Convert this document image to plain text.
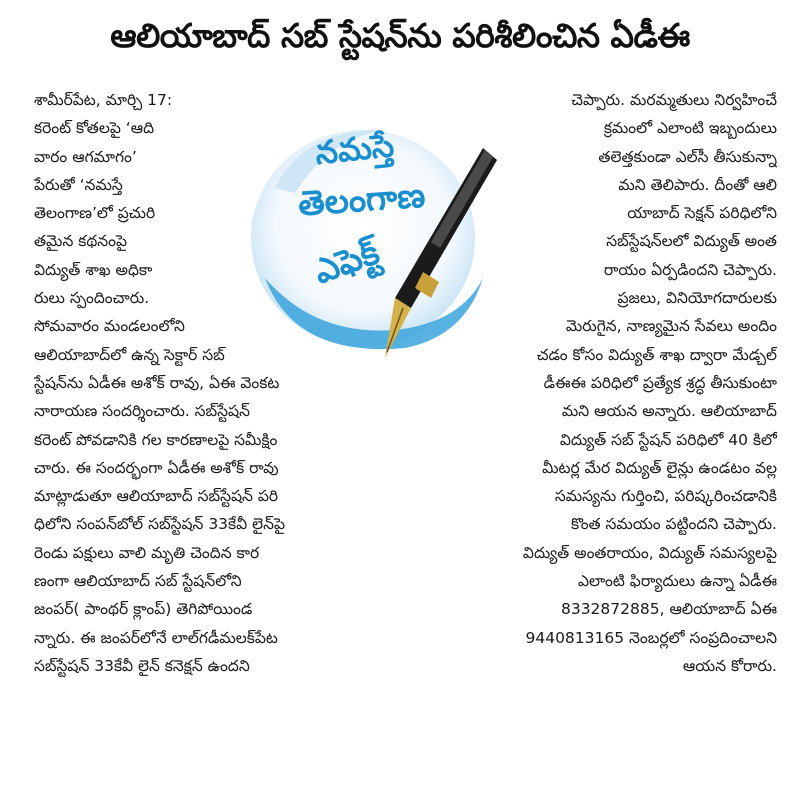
ఆలియాబాద్ సబ్ స్టేషన్‌ను పరిశీలించిన ఏడీఈ
శామీర్‌పేట, మార్చి 17:
కరెంట్ కోతలపై ‘ఆది
వారం ఆగమాగం’
పేరుతో ‘నమస్తే
తెలంగాణ’లో ప్రచురి
తమైన కథనంపై
విద్యుత్ శాఖ అధికా
రులు స్పందించారు.
సోమవారం మండలంలోని
ఆలియాబాద్‌లో ఉన్న సెక్టార్ సబ్
స్టేషన్‌ను ఏడీఈ అశోక్ రావు, ఏఈ వెంకట
నారాయణ సందర్శించారు. సబ్‌స్టేషన్
కరెంట్ పోవడానికి గల కారణాలపై సమీక్షిం
చారు. ఈ సందర్భంగా ఏడీఈ అశోక్ రావు
మాట్లాడుతూ ఆలియాబాద్ సబ్‌స్టేషన్ పరి
ధిలోని సంపన్‌బోల్ సబ్‌స్టేషన్ 33కేవీ లైన్‌పై
రెండు పక్షులు వాలి మృతి చెందిన కార
ణంగా ఆలియాబాద్ సబ్ స్టేషన్‌లోని
జంపర్( పాంథర్ క్లాంప్) తెగిపోయిండ
న్నారు. ఈ జంపర్‌లోనే లాల్‌గడీమలక్‌పేట
సబ్‌స్టేషన్ 33కేవీ లైన్ కనెక్షన్ ఉందని
చెప్పారు. మరమ్మతులు నిర్వహించే
క్రమంలో ఎలాంటి ఇబ్బందులు
తలెత్తకుండా ఎల్‌సీ తీసుకున్నా
మని తెలిపారు. దీంతో ఆలి
యాబాద్ సెక్షన్ పరిధిలోని
సబ్‌స్టేషన్‌లలో విద్యుత్ అంత
రాయం ఏర్పడిందని చెప్పారు.
ప్రజలు, వినియోగదారులకు
మెరుగైన, నాణ్యమైన సేవలు అందిం
చడం కోసం విద్యుత్ శాఖ ద్వారా మేడ్చల్
డీఈఈ పరిధిలో ప్రత్యేక శ్రద్ధ తీసుకుంటా
మని ఆయన అన్నారు. ఆలియాబాద్
విద్యుత్ సబ్ స్టేషన్ పరిధిలో 40 కిలో
మీటర్ల మేర విద్యుత్ లైన్లు ఉండటం వల్ల
సమస్యను గుర్తించి, పరిష్కరించడానికి
కొంత సమయం పట్టిందని చెప్పారు.
విద్యుత్ అంతరాయం, విద్యుత్ సమస్యలపై
ఎలాంటి ఫిర్యాదులు ఉన్నా ఏడీఈ
8332872885, ఆలియాబాద్ ఏఈ
9440813165 నెంబర్లలో సంప్రదించాలని
ఆయన కోరారు.
నమస్తే
తెలంగాణ
ఎఫెక్ట్
